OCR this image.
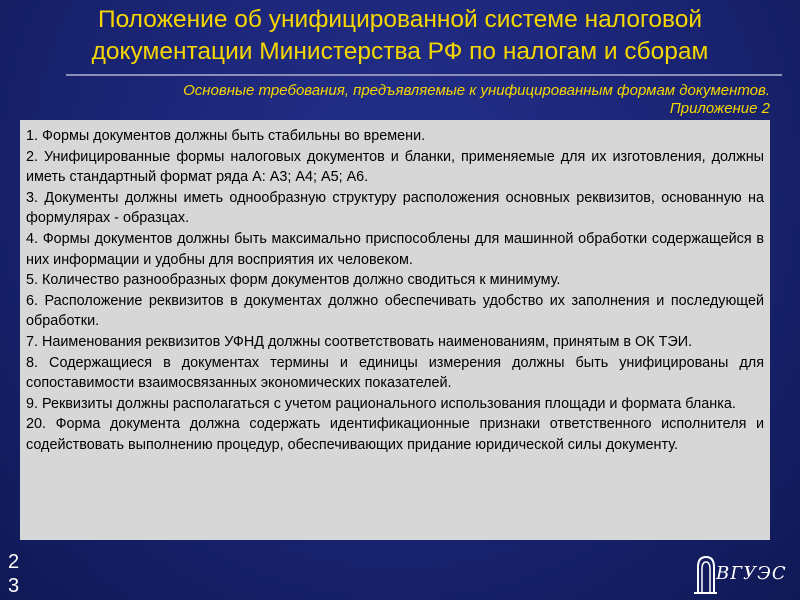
Положение об унифицированной системе налоговой документации Министерства РФ по налогам и сборам
Основные требования, предъявляемые к унифицированным формам документов.
Приложение 2

1. Формы документов должны быть стабильны во времени.

2. Унифицированные формы налоговых документов и бланки, применяемые для их изготовления, должны иметь стандартный формат ряда А: А3; А4; А5; А6.

3. Документы должны иметь однообразную структуру расположения основных реквизитов, основанную на формулярах - образцах.

4. Формы документов должны быть максимально приспособлены для машинной обработки содержащейся в них информации и удобны для восприятия их человеком.

5. Количество разнообразных форм документов должно сводиться к минимуму.

6. Расположение реквизитов в документах должно обеспечивать удобство их заполнения и последующей обработки.

7. Наименования реквизитов УФНД должны соответствовать наименованиям, принятым в ОК ТЭИ.

8. Содержащиеся в документах термины и единицы измерения должны быть унифицированы для сопоставимости взаимосвязанных экономических показателей.

9. Реквизиты должны располагаться с учетом рационального использования площади и формата бланка.

20. Форма документа должна содержать идентификационные признаки ответственного исполнителя и содействовать выполнению процедур, обеспечивающих придание юридической силы документу.

23
ВГУЭС
